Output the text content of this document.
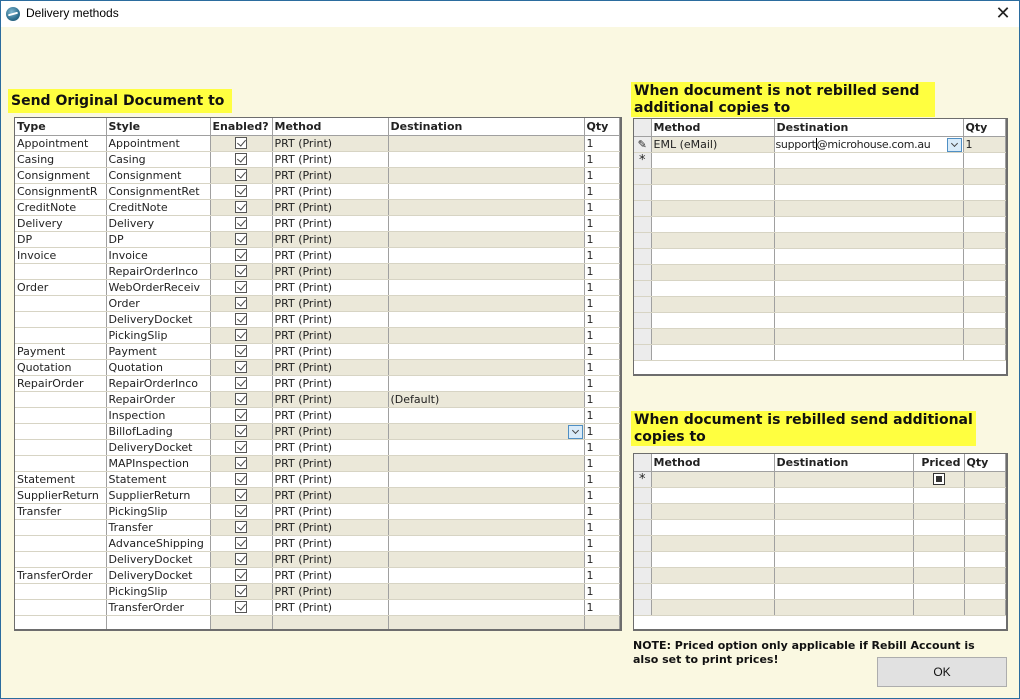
Delivery methods	✕
Send Original Document to
Type	Style	Enabled?	Method	Destination	Qty
Appointment	Appointment		PRT (Print)		1
Casing	Casing		PRT (Print)		1
Consignment	Consignment		PRT (Print)		1
ConsignmentR	ConsignmentRet		PRT (Print)		1
CreditNote	CreditNote		PRT (Print)		1
Delivery	Delivery		PRT (Print)		1
DP	DP		PRT (Print)		1
Invoice	Invoice		PRT (Print)		1
	RepairOrderInco		PRT (Print)		1
Order	WebOrderReceiv		PRT (Print)		1
	Order		PRT (Print)		1
	DeliveryDocket		PRT (Print)		1
	PickingSlip		PRT (Print)		1
Payment	Payment		PRT (Print)		1
Quotation	Quotation		PRT (Print)		1
RepairOrder	RepairOrderInco		PRT (Print)		1
	RepairOrder		PRT (Print)	(Default)	1
	Inspection		PRT (Print)		1
	BillofLading		PRT (Print)		1
	DeliveryDocket		PRT (Print)		1
	MAPInspection		PRT (Print)		1
Statement	Statement		PRT (Print)		1
SupplierReturn	SupplierReturn		PRT (Print)		1
Transfer	PickingSlip		PRT (Print)		1
	Transfer		PRT (Print)		1
	AdvanceShipping		PRT (Print)		1
	DeliveryDocket		PRT (Print)		1
TransferOrder	DeliveryDocket		PRT (Print)		1
	PickingSlip		PRT (Print)		1
	TransferOrder		PRT (Print)		1

When document is not rebilled send
additional copies to
	Method	Destination	Qty
✎	EML (eMail)	support@microhouse.com.au	1
*			

When document is rebilled send additional
copies to
	Method	Destination	Priced	Qty
*				

NOTE: Priced option only applicable if Rebill Account is
also set to print prices!
OK
